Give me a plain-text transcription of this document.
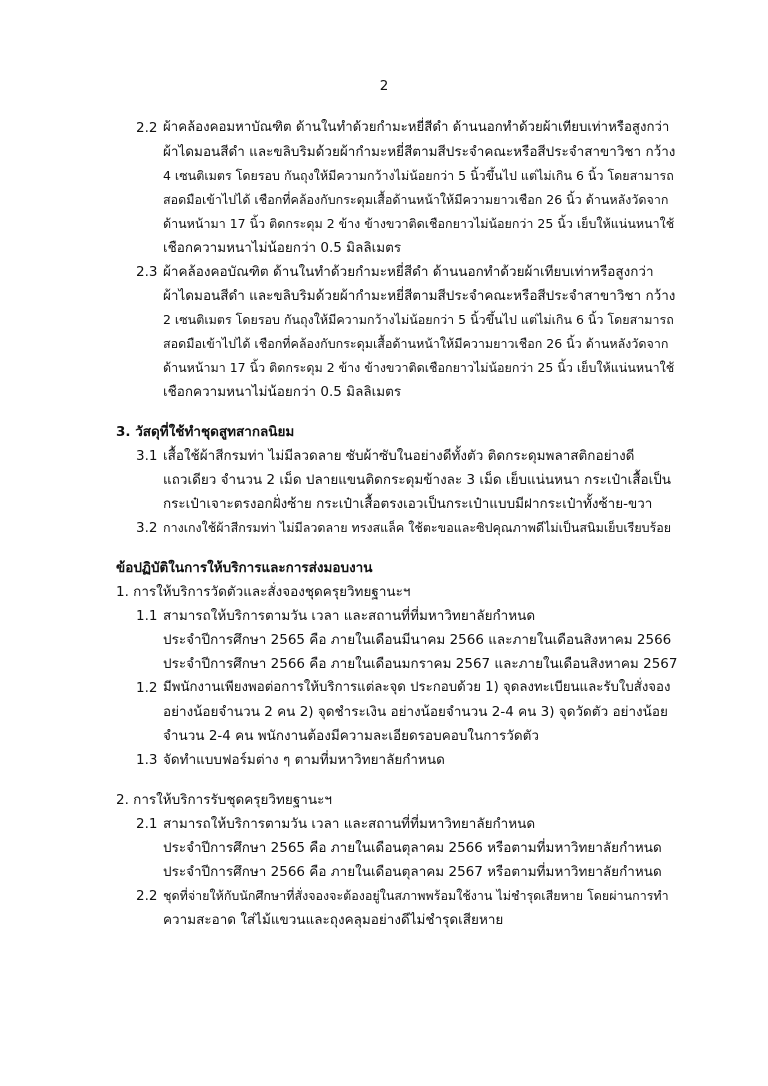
2
2.2 ผ้าคล้องคอมหาบัณฑิต ด้านในทำด้วยกำมะหยี่สีดำ ด้านนอกทำด้วยผ้าเทียบเท่าหรือสูงกว่า
ผ้าไดมอนสีดำ และขลิบริมด้วยผ้ากำมะหยี่สีตามสีประจำคณะหรือสีประจำสาขาวิชา กว้าง
4 เซนติเมตร โดยรอบ กันถุงให้มีความกว้างไม่น้อยกว่า 5 นิ้วขึ้นไป แต่ไม่เกิน 6 นิ้ว โดยสามารถ
สอดมือเข้าไปได้ เชือกที่คล้องกับกระดุมเสื้อด้านหน้าให้มีความยาวเชือก 26 นิ้ว ด้านหลังวัดจาก
ด้านหน้ามา 17 นิ้ว ติดกระดุม 2 ข้าง ข้างขวาติดเชือกยาวไม่น้อยกว่า 25 นิ้ว เย็บให้แน่นหนาใช้
เชือกความหนาไม่น้อยกว่า 0.5 มิลลิเมตร
2.3 ผ้าคล้องคอบัณฑิต ด้านในทำด้วยกำมะหยี่สีดำ ด้านนอกทำด้วยผ้าเทียบเท่าหรือสูงกว่า
ผ้าไดมอนสีดำ และขลิบริมด้วยผ้ากำมะหยี่สีตามสีประจำคณะหรือสีประจำสาขาวิชา กว้าง
2 เซนติเมตร โดยรอบ กันถุงให้มีความกว้างไม่น้อยกว่า 5 นิ้วขึ้นไป แต่ไม่เกิน 6 นิ้ว โดยสามารถ
สอดมือเข้าไปได้ เชือกที่คล้องกับกระดุมเสื้อด้านหน้าให้มีความยาวเชือก 26 นิ้ว ด้านหลังวัดจาก
ด้านหน้ามา 17 นิ้ว ติดกระดุม 2 ข้าง ข้างขวาติดเชือกยาวไม่น้อยกว่า 25 นิ้ว เย็บให้แน่นหนาใช้
เชือกความหนาไม่น้อยกว่า 0.5 มิลลิเมตร
3. วัสดุที่ใช้ทำชุดสูทสากลนิยม
3.1 เสื้อใช้ผ้าสีกรมท่า ไม่มีลวดลาย ซับผ้าซับในอย่างดีทั้งตัว ติดกระดุมพลาสติกอย่างดี
แถวเดียว จำนวน 2 เม็ด ปลายแขนติดกระดุมข้างละ 3 เม็ด เย็บแน่นหนา กระเป๋าเสื้อเป็น
กระเป๋าเจาะตรงอกฝั่งซ้าย กระเป๋าเสื้อตรงเอวเป็นกระเป๋าแบบมีฝากระเป๋าทั้งซ้าย-ขวา
3.2 กางเกงใช้ผ้าสีกรมท่า ไม่มีลวดลาย ทรงสแล็ค ใช้ตะขอและซิปคุณภาพดีไม่เป็นสนิมเย็บเรียบร้อย
ข้อปฏิบัติในการให้บริการและการส่งมอบงาน
1. การให้บริการวัดตัวและสั่งจองชุดครุยวิทยฐานะฯ
1.1 สามารถให้บริการตามวัน เวลา และสถานที่ที่มหาวิทยาลัยกำหนด
ประจำปีการศึกษา 2565 คือ ภายในเดือนมีนาคม 2566 และภายในเดือนสิงหาคม 2566
ประจำปีการศึกษา 2566 คือ ภายในเดือนมกราคม 2567 และภายในเดือนสิงหาคม 2567
1.2 มีพนักงานเพียงพอต่อการให้บริการแต่ละจุด ประกอบด้วย 1) จุดลงทะเบียนและรับใบสั่งจอง
อย่างน้อยจำนวน 2 คน 2) จุดชำระเงิน อย่างน้อยจำนวน 2-4 คน 3) จุดวัดตัว อย่างน้อย
จำนวน 2-4 คน พนักงานต้องมีความละเอียดรอบคอบในการวัดตัว
1.3 จัดทำแบบฟอร์มต่าง ๆ ตามที่มหาวิทยาลัยกำหนด
2. การให้บริการรับชุดครุยวิทยฐานะฯ
2.1 สามารถให้บริการตามวัน เวลา และสถานที่ที่มหาวิทยาลัยกำหนด
ประจำปีการศึกษา 2565 คือ ภายในเดือนตุลาคม 2566 หรือตามที่มหาวิทยาลัยกำหนด
ประจำปีการศึกษา 2566 คือ ภายในเดือนตุลาคม 2567 หรือตามที่มหาวิทยาลัยกำหนด
2.2 ชุดที่จ่ายให้กับนักศึกษาที่สั่งจองจะต้องอยู่ในสภาพพร้อมใช้งาน ไม่ชำรุดเสียหาย โดยผ่านการทำ
ความสะอาด ใส่ไม้แขวนและถุงคลุมอย่างดีไม่ชำรุดเสียหาย
